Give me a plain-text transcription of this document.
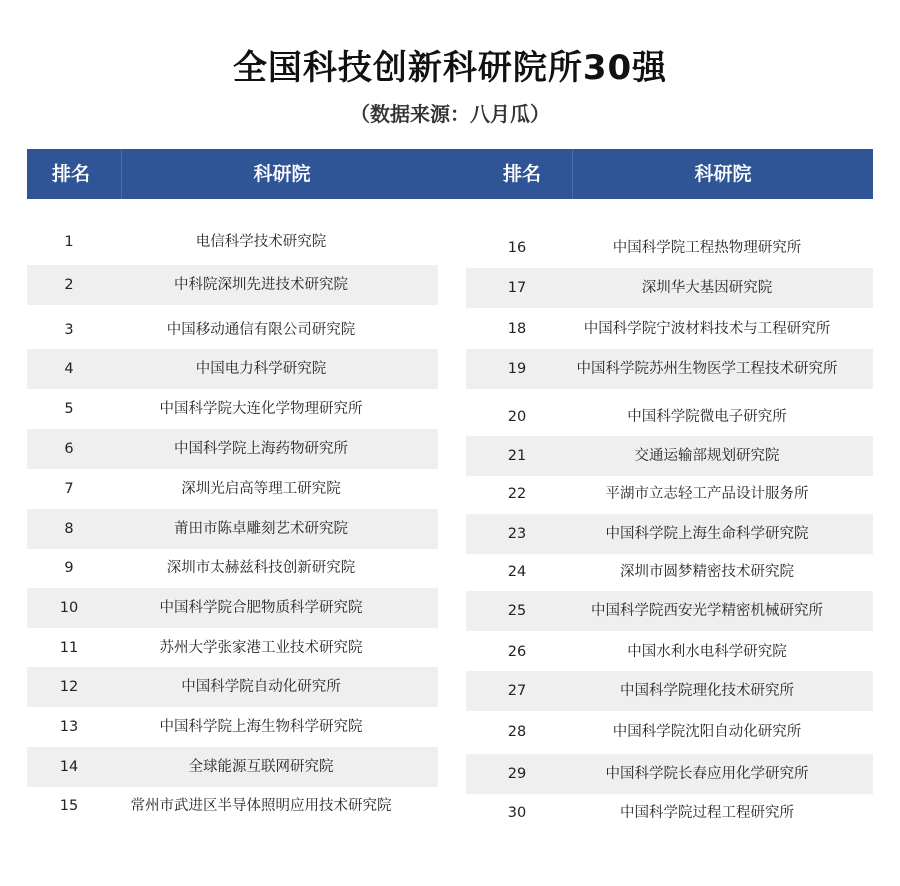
全国科技创新科研院所30强
（数据来源：八月瓜）
排名	科研院	排名	科研院
1	电信科学技术研究院
2	中科院深圳先进技术研究院
3	中国移动通信有限公司研究院
4	中国电力科学研究院
5	中国科学院大连化学物理研究所
6	中国科学院上海药物研究所
7	深圳光启高等理工研究院
8	莆田市陈卓雕刻艺术研究院
9	深圳市太赫兹科技创新研究院
10	中国科学院合肥物质科学研究院
11	苏州大学张家港工业技术研究院
12	中国科学院自动化研究所
13	中国科学院上海生物科学研究院
14	全球能源互联网研究院
15	常州市武进区半导体照明应用技术研究院
16	中国科学院工程热物理研究所
17	深圳华大基因研究院
18	中国科学院宁波材料技术与工程研究所
19	中国科学院苏州生物医学工程技术研究所
20	中国科学院微电子研究所
21	交通运输部规划研究院
22	平湖市立志轻工产品设计服务所
23	中国科学院上海生命科学研究院
24	深圳市圆梦精密技术研究院
25	中国科学院西安光学精密机械研究所
26	中国水利水电科学研究院
27	中国科学院理化技术研究所
28	中国科学院沈阳自动化研究所
29	中国科学院长春应用化学研究所
30	中国科学院过程工程研究所
